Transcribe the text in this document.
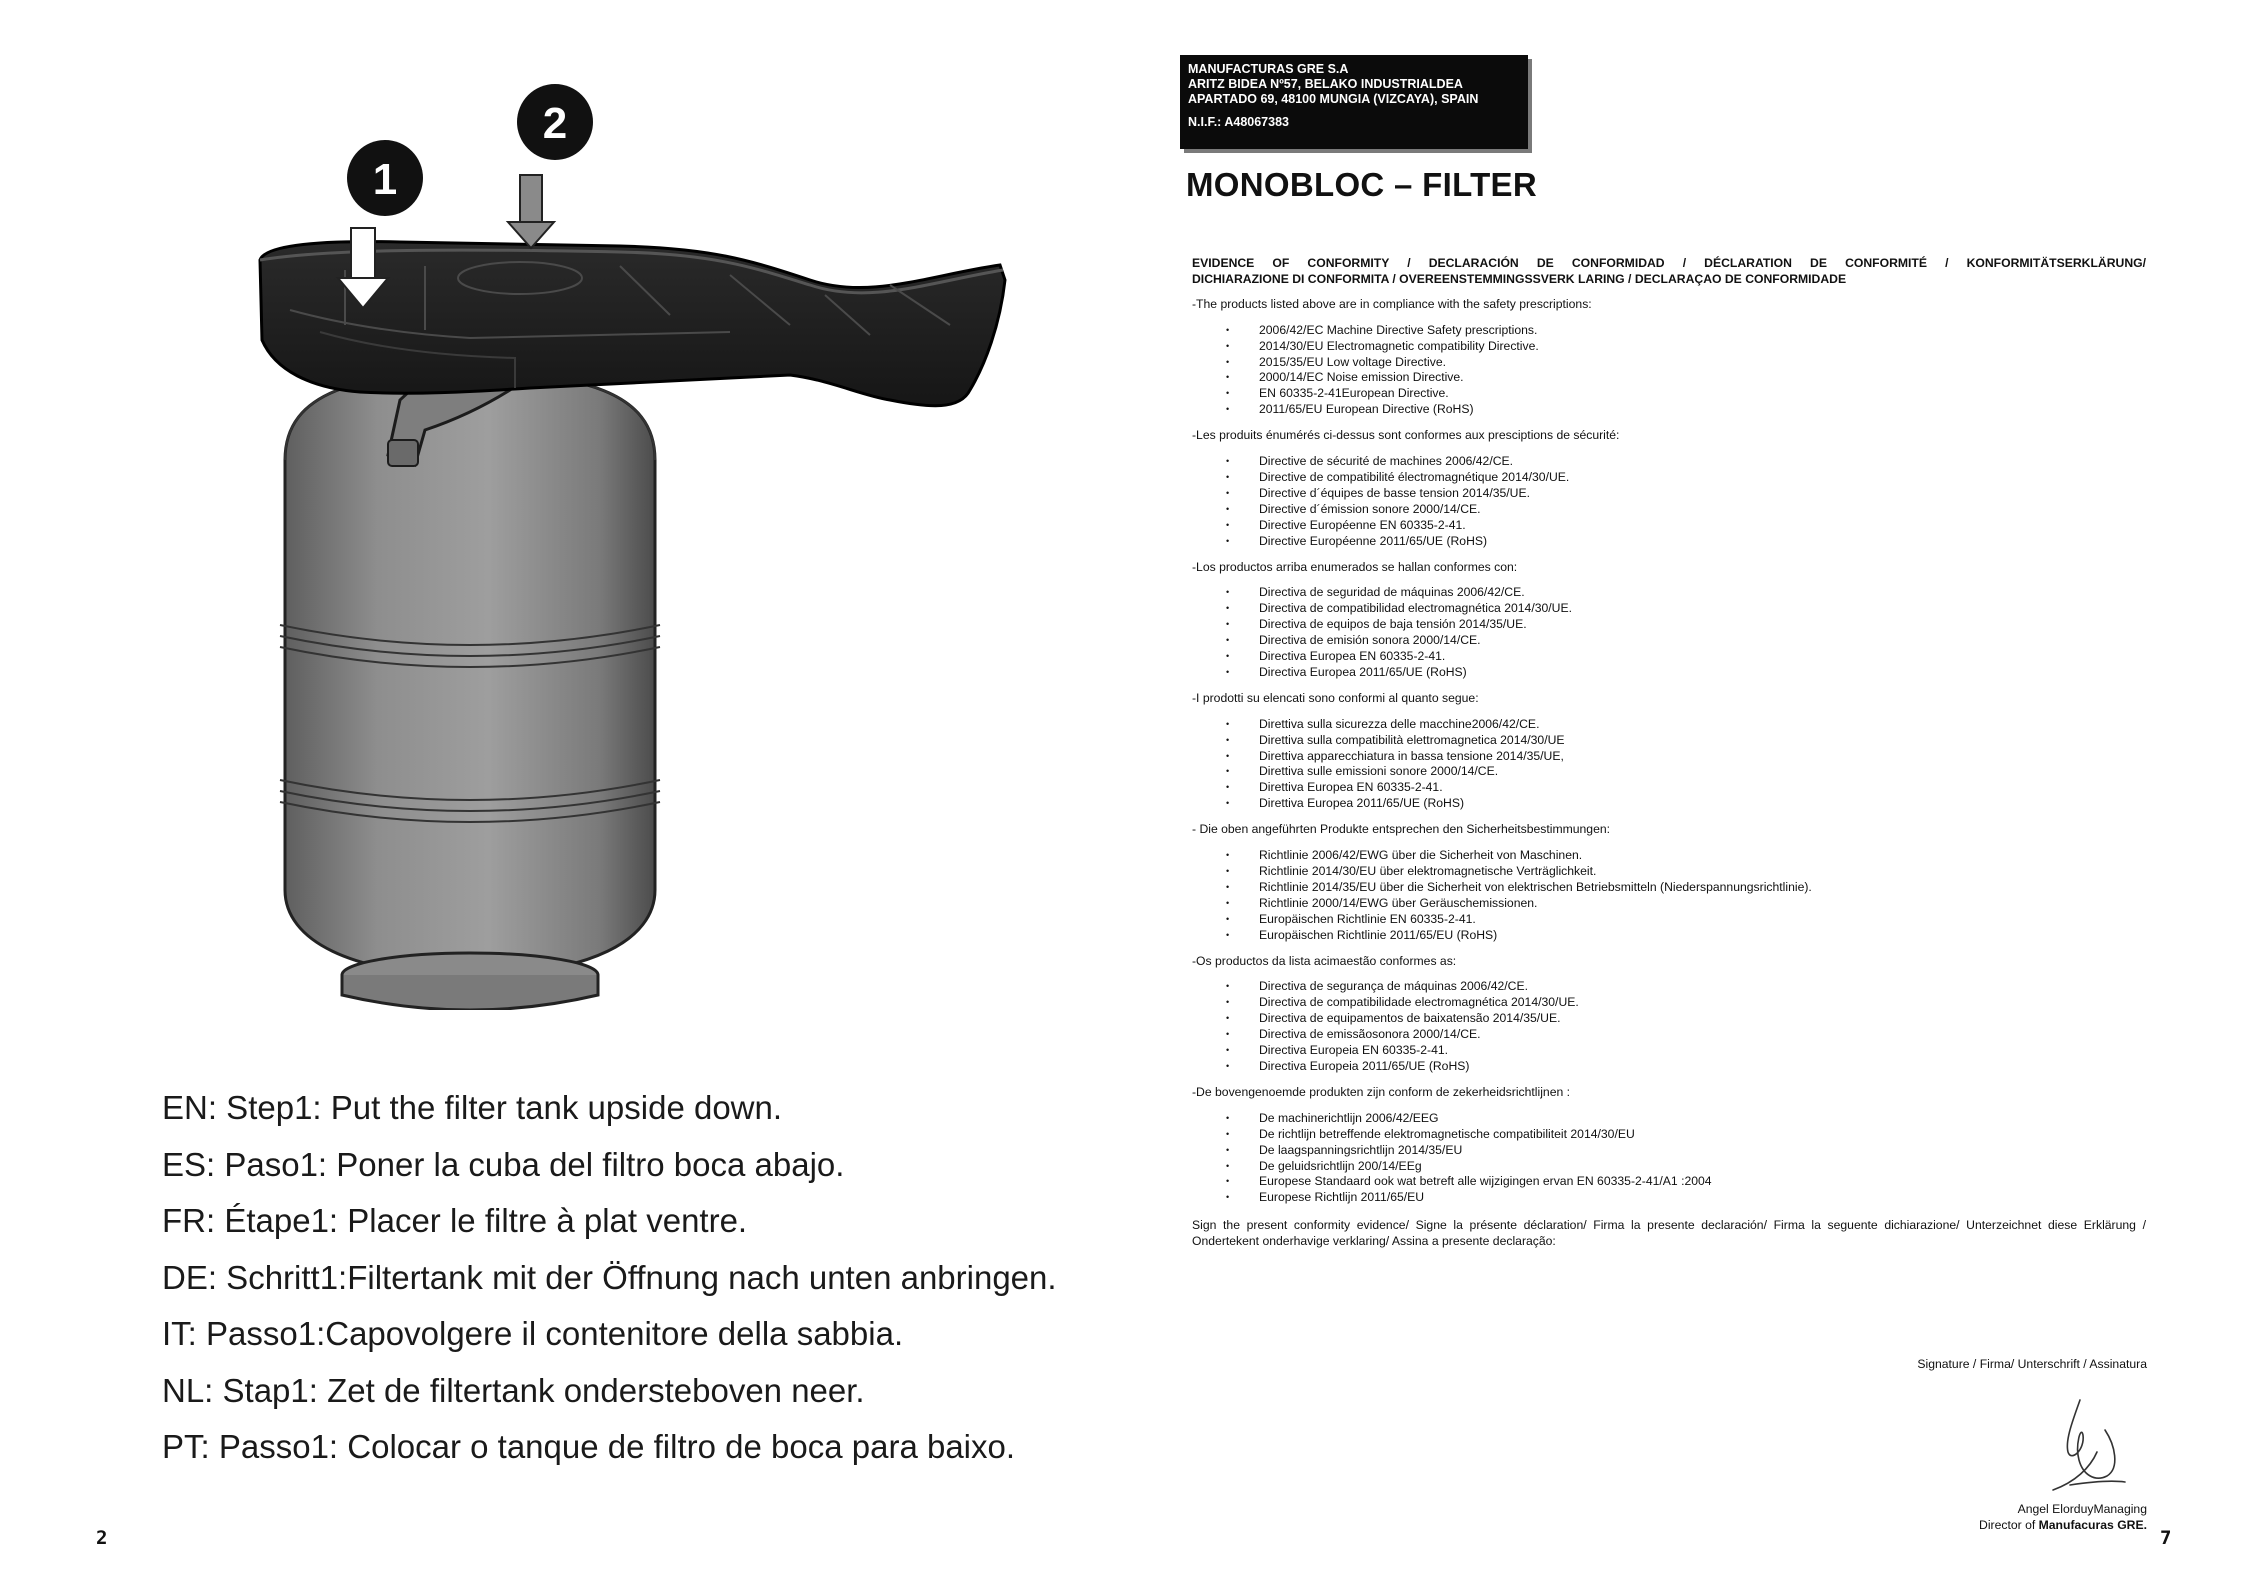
1
2
EN: Step1: Put the filter tank upside down.
ES: Paso1: Poner la cuba del filtro boca abajo.
FR: Étape1: Placer le filtre à plat ventre.
DE: Schritt1:Filtertank mit der Öffnung nach unten anbringen.
IT: Passo1:Capovolgere il contenitore della sabbia.
NL: Stap1: Zet de filtertank ondersteboven neer.
PT: Passo1: Colocar o tanque de filtro de boca para baixo.
2
MANUFACTURAS GRE S.A
ARITZ BIDEA Nº57, BELAKO INDUSTRIALDEA
APARTADO 69, 48100 MUNGIA (VIZCAYA), SPAIN
N.I.F.: A48067383
MONOBLOC – FILTER
EVIDENCE OF CONFORMITY / DECLARACIÓN DE CONFORMIDAD / DÉCLARATION DE CONFORMITÉ / KONFORMITÄTSERKLÄRUNG/
DICHIARAZIONE DI CONFORMITA / OVEREENSTEMMINGSSVERK LARING / DECLARAÇAO DE CONFORMIDADE
-The products listed above are in compliance with the safety prescriptions:
• 2006/42/EC Machine Directive Safety prescriptions.
• 2014/30/EU Electromagnetic compatibility Directive.
• 2015/35/EU Low voltage Directive.
• 2000/14/EC Noise emission Directive.
• EN 60335-2-41European Directive.
• 2011/65/EU European Directive (RoHS)
-Les produits énumérés ci-dessus sont conformes aux presciptions de sécurité:
• Directive de sécurité de machines 2006/42/CE.
• Directive de compatibilité électromagnétique 2014/30/UE.
• Directive d´équipes de basse tension 2014/35/UE.
• Directive d´émission sonore 2000/14/CE.
• Directive Européenne EN 60335-2-41.
• Directive Européenne 2011/65/UE (RoHS)
-Los productos arriba enumerados se hallan conformes con:
• Directiva de seguridad de máquinas 2006/42/CE.
• Directiva de compatibilidad electromagnética 2014/30/UE.
• Directiva de equipos de baja tensión 2014/35/UE.
• Directiva de emisión sonora 2000/14/CE.
• Directiva Europea EN 60335-2-41.
• Directiva Europea 2011/65/UE (RoHS)
-I prodotti su elencati sono conformi al quanto segue:
• Direttiva sulla sicurezza delle macchine2006/42/CE.
• Direttiva sulla compatibilità elettromagnetica 2014/30/UE
• Direttiva apparecchiatura in bassa tensione 2014/35/UE,
• Direttiva sulle emissioni sonore 2000/14/CE.
• Direttiva Europea EN 60335-2-41.
• Direttiva Europea 2011/65/UE (RoHS)
- Die oben angeführten Produkte entsprechen den Sicherheitsbestimmungen:
• Richtlinie 2006/42/EWG über die Sicherheit von Maschinen.
• Richtlinie 2014/30/EU über elektromagnetische Verträglichkeit.
• Richtlinie 2014/35/EU über die Sicherheit von elektrischen Betriebsmitteln (Niederspannungsrichtlinie).
• Richtlinie 2000/14/EWG über Geräuschemissionen.
• Europäischen Richtlinie EN 60335-2-41.
• Europäischen Richtlinie 2011/65/EU (RoHS)
-Os productos da lista acimaestão conformes as:
• Directiva de segurança de máquinas 2006/42/CE.
• Directiva de compatibilidade electromagnética 2014/30/UE.
• Directiva de equipamentos de baixatensão 2014/35/UE.
• Directiva de emissãosonora 2000/14/CE.
• Directiva Europeia EN 60335-2-41.
• Directiva Europeia 2011/65/UE (RoHS)
-De bovengenoemde produkten zijn conform de zekerheidsrichtlijnen :
• De machinerichtlijn 2006/42/EEG
• De richtlijn betreffende elektromagnetische compatibiliteit 2014/30/EU
• De laagspanningsrichtlijn 2014/35/EU
• De geluidsrichtlijn 200/14/EEg
• Europese Standaard ook wat betreft alle wijzigingen ervan EN 60335-2-41/A1 :2004
• Europese Richtlijn 2011/65/EU
Sign the present conformity evidence/ Signe la présente déclaration/ Firma la presente declaración/ Firma la seguente dichiarazione/ Unterzeichnet diese Erklärung / Ondertekent onderhavige verklaring/ Assina a presente declaração:
Signature / Firma/ Unterschrift / Assinatura
Angel ElorduyManaging
Director of Manufacuras GRE.
7
